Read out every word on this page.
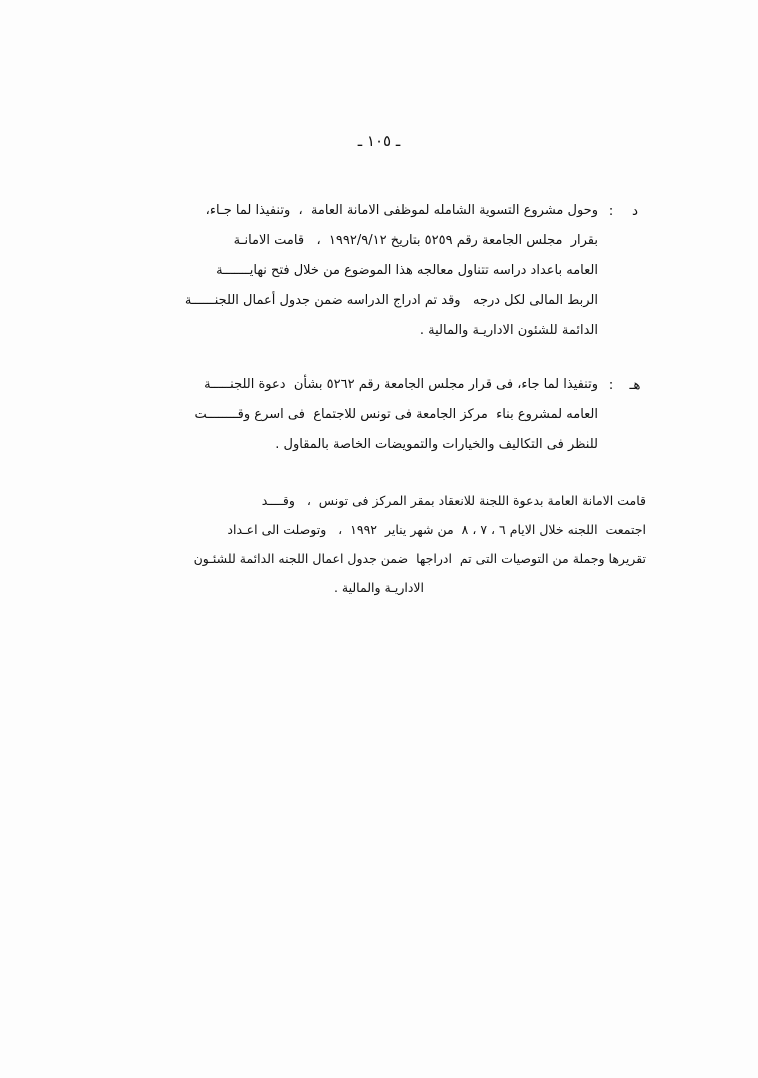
ـ ١٠٥ ـ
د
:
وحول مشروع التسوية الشامله لموظفى الامانة العامة  ،  وتنفيذا لما جـاء،
بقرار  مجلس الجامعة رقم ٥٢٥٩ بتاريخ ١٩٩٢/٩/١٢  ،   قامت الامانـة
العامه باعداد دراسه تتناول معالجه هذا الموضوع من خلال فتح نهايـــــــة
الربط المالى لكل درجه   وقد تم ادراج الدراسه ضمن جدول أعمال اللجنــــــة
الدائمة للشئون الاداريـة والمالية .
هـ
:
وتنفيذا لما جاء، فى قرار مجلس الجامعة رقم ٥٢٦٢ بشأن  دعوة اللجنـــــة
العامه لمشروع بناء  مركز الجامعة فى تونس للاجتماع  فى اسرع وقــــــــت
للنظر فى التكاليف والخيارات والتمويضات الخاصة بالمقاول .
قامت الامانة العامة بدعوة اللجنة للانعقاد بمقر المركز فى تونس  ،   وقــــد
اجتمعت  اللجنه خلال الايام ٦ ، ٧ ، ٨  من شهر يناير  ١٩٩٢  ،   وتوصلت الى اعـداد
تقريرها وجملة من التوصيات التى تم  ادراجها  ضمن جدول اعمال اللجنه الدائمة للشئـون
الاداريـة والمالية .
